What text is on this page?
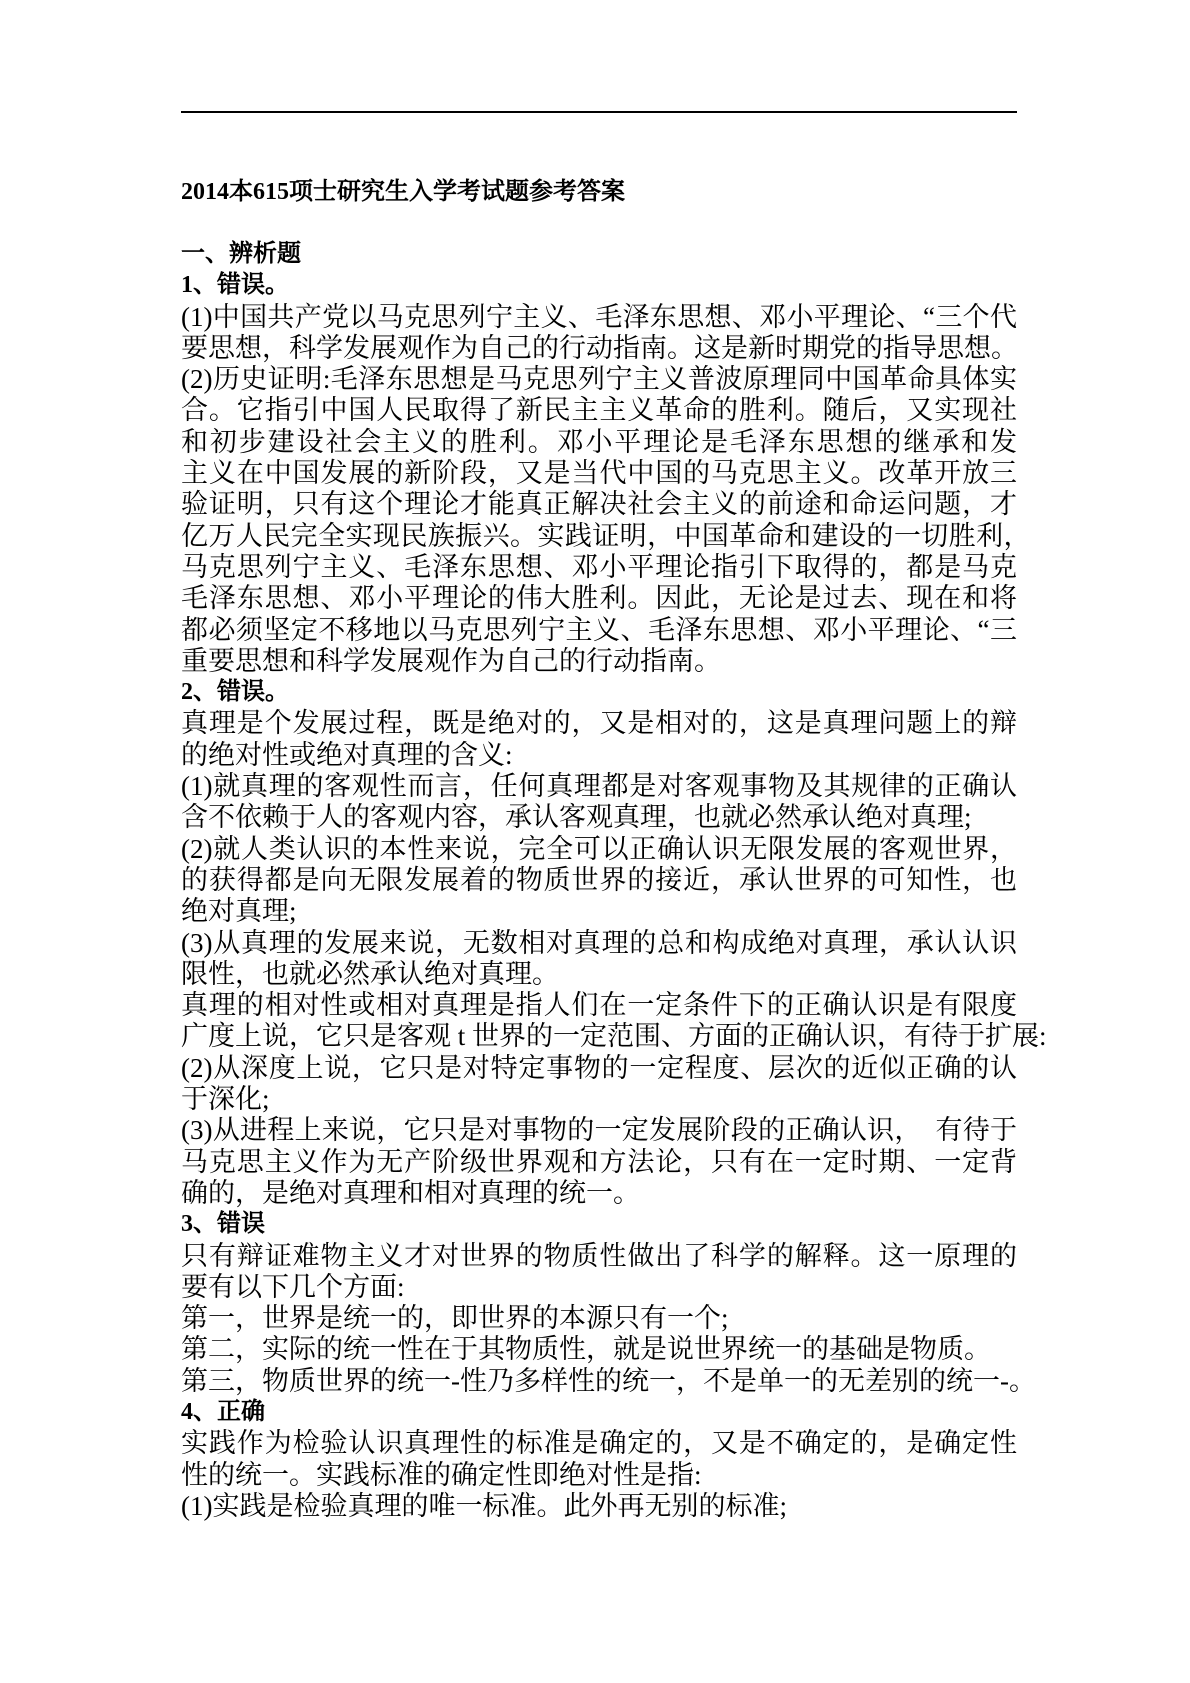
2014本615项士研究生入学考试题参考答案
一、辨析题
1、错误。
(1)中国共产党以马克思列宁主义、毛泽东思想、邓小平理论、“三个代
要思想，科学发展观作为自己的行动指南。这是新时期党的指导思想。
(2)历史证明:毛泽东思想是马克思列宁主义普波原理同中国革命具体实
合。它指引中国人民取得了新民主主义革命的胜利。随后，又实现社
和初步建设社会主义的胜利。邓小平理论是毛泽东思想的继承和发
主义在中国发展的新阶段，又是当代中国的马克思主义。改革开放三
验证明，只有这个理论才能真正解决社会主义的前途和命运问题，才
亿万人民完全实现民族振兴。实践证明，中国革命和建设的一切胜利，　
马克思列宁主义、毛泽东思想、邓小平理论指引下取得的，都是马克
毛泽东思想、邓小平理论的伟大胜利。因此，无论是过去、现在和将
都必须坚定不移地以马克思列宁主义、毛泽东思想、邓小平理论、“三
重要思想和科学发展观作为自己的行动指南。
2、错误。
真理是个发展过程，既是绝对的，又是相对的，这是真理问题上的辩
的绝对性或绝对真理的含义:
(1)就真理的客观性而言，任何真理都是对客观事物及其规律的正确认
含不依赖于人的客观内容，承认客观真理，也就必然承认绝对真理;
(2)就人类认识的本性来说，完全可以正确认识无限发展的客观世界，
的获得都是向无限发展着的物质世界的接近，承认世界的可知性，也
绝对真理;
(3)从真理的发展来说，无数相对真理的总和构成绝对真理，承认认识
限性，也就必然承认绝对真理。
真理的相对性或相对真理是指人们在一定条件下的正确认识是有限度
广度上说，它只是客观 t 世界的一定范围、方面的正确认识，有待于扩展:
(2)从深度上说，它只是对特定事物的一定程度、层次的近似正确的认
于深化;
(3)从进程上来说，它只是对事物的一定发展阶段的正确认识，　有待于
马克思主义作为无产阶级世界观和方法论，只有在一定时期、一定背
确的，是绝对真理和相对真理的统一。
3、错误
只有辩证难物主义才对世界的物质性做出了科学的解释。这一原理的
要有以下几个方面:
第一，世界是统一的，即世界的本源只有一个;
第二，实际的统一性在于其物质性，就是说世界统一的基础是物质。
第三，物质世界的统一-性乃多样性的统一，不是单一的无差别的统一-。
4、正确
实践作为检验认识真理性的标准是确定的，又是不确定的，是确定性
性的统一。实践标准的确定性即绝对性是指:
(1)实践是检验真理的唯一标准。此外再无别的标准;
